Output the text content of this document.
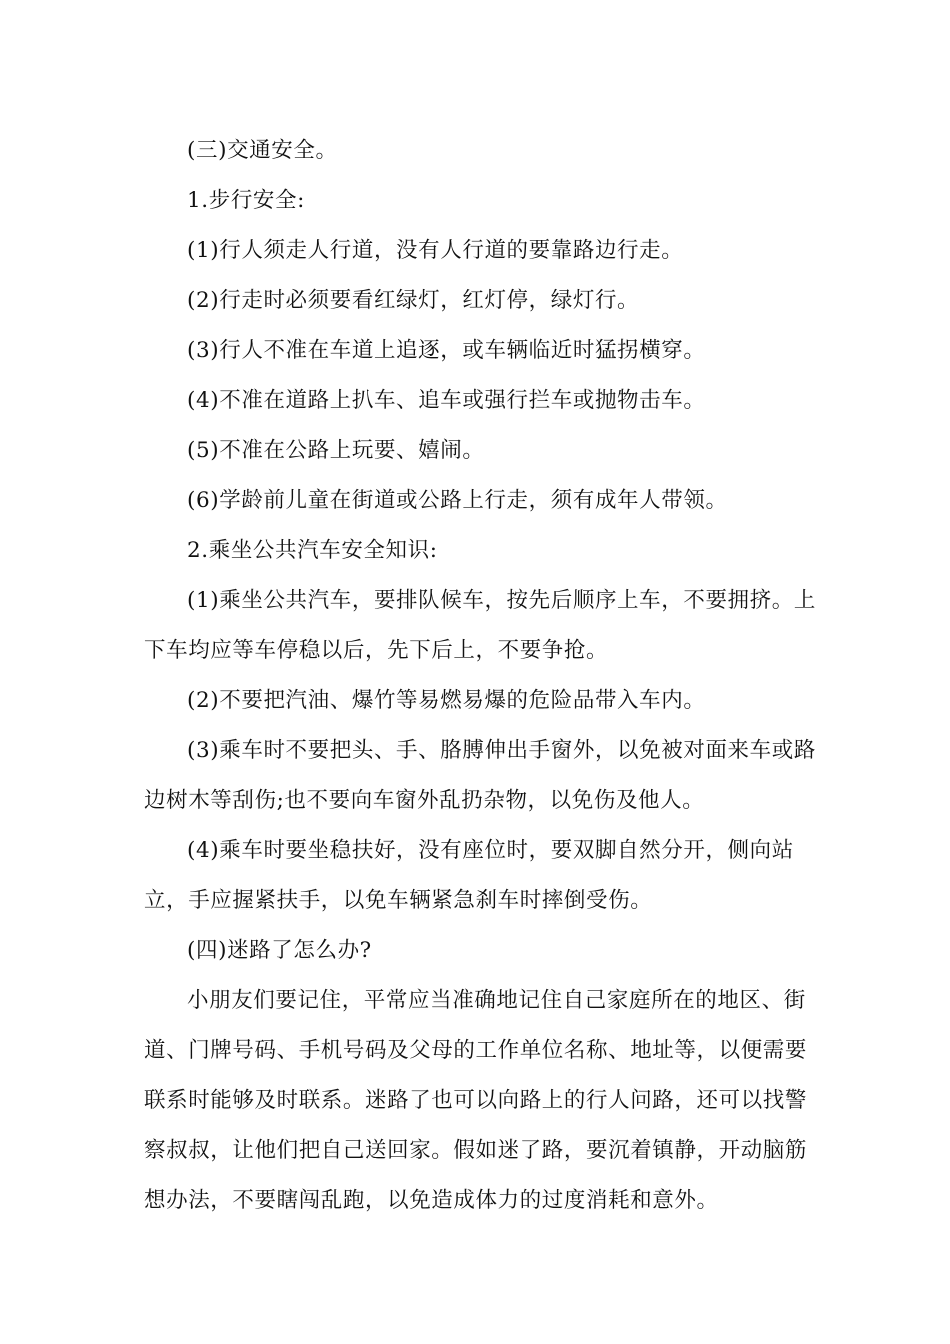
(三)交通安全。

1.步行安全:

(1)行人须走人行道，没有人行道的要靠路边行走。

(2)行走时必须要看红绿灯，红灯停，绿灯行。

(3)行人不准在车道上追逐，或车辆临近时猛拐横穿。

(4)不准在道路上扒车、追车或强行拦车或抛物击车。

(5)不准在公路上玩要、嬉闹。

(6)学龄前儿童在街道或公路上行走，须有成年人带领。

2.乘坐公共汽车安全知识:

(1)乘坐公共汽车，要排队候车，按先后顺序上车，不要拥挤。上下车均应等车停稳以后，先下后上，不要争抢。

(2)不要把汽油、爆竹等易燃易爆的危险品带入车内。

(3)乘车时不要把头、手、胳膊伸出手窗外，以免被对面来车或路边树木等刮伤;也不要向车窗外乱扔杂物，以免伤及他人。

(4)乘车时要坐稳扶好，没有座位时，要双脚自然分开，侧向站立，手应握紧扶手，以免车辆紧急刹车时摔倒受伤。

(四)迷路了怎么办?

小朋友们要记住，平常应当准确地记住自己家庭所在的地区、街道、门牌号码、手机号码及父母的工作单位名称、地址等，以便需要联系时能够及时联系。迷路了也可以向路上的行人问路，还可以找警察叔叔，让他们把自己送回家。假如迷了路，要沉着镇静，开动脑筋想办法，不要瞎闯乱跑，以免造成体力的过度消耗和意外。
